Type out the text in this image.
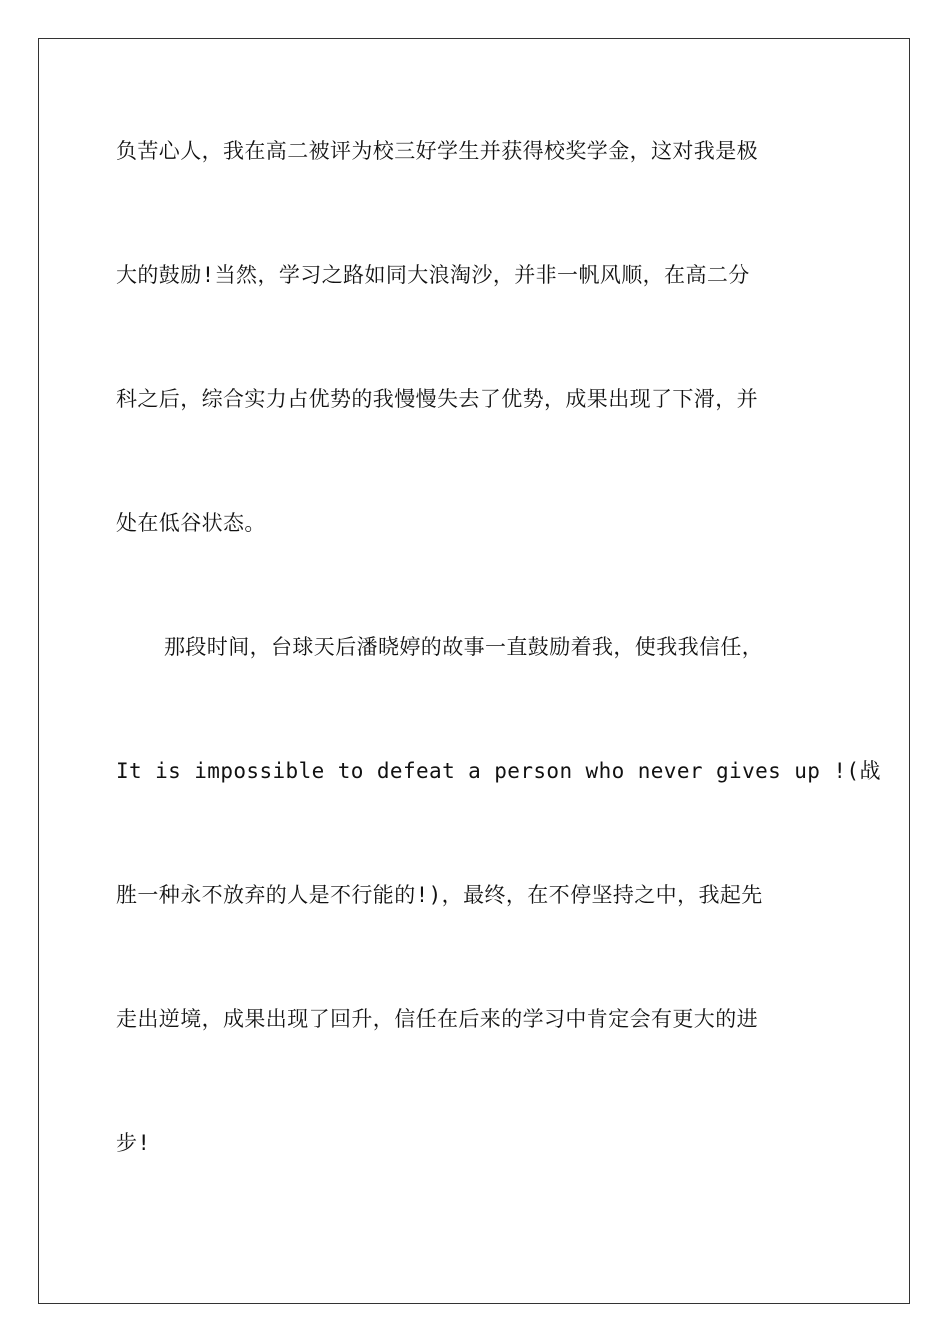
负苦心人，我在高二被评为校三好学生并获得校奖学金，这对我是极
大的鼓励!当然，学习之路如同大浪淘沙，并非一帆风顺，在高二分
科之后，综合实力占优势的我慢慢失去了优势，成果出现了下滑，并
处在低谷状态。
那段时间，台球天后潘晓婷的故事一直鼓励着我，使我我信任，
It is impossible to defeat a person who never gives up !(战
胜一种永不放弃的人是不行能的!)，最终，在不停坚持之中，我起先
走出逆境，成果出现了回升，信任在后来的学习中肯定会有更大的进
步!
